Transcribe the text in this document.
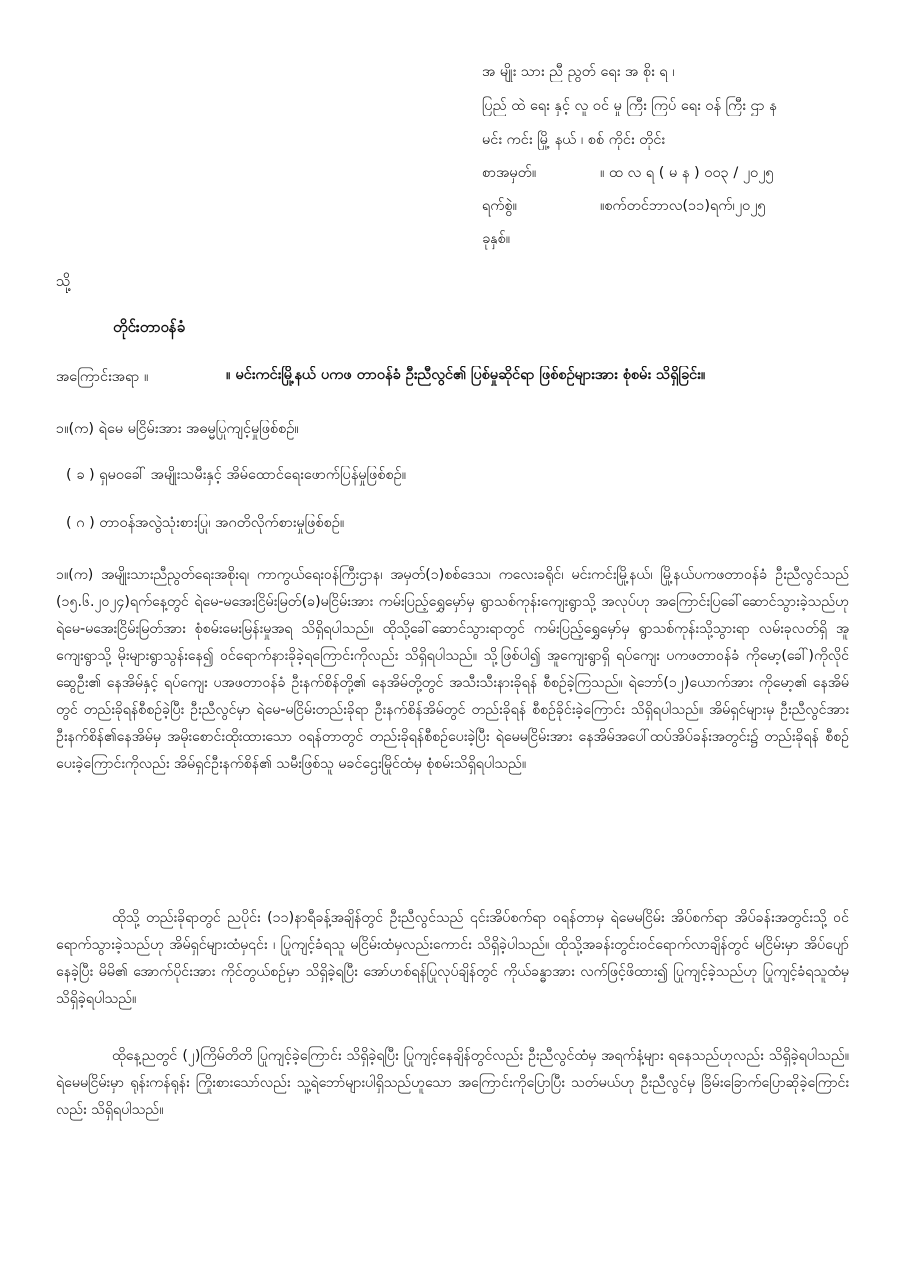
အ မျိုး သား ညီ ညွတ် ရေး အ စိုး ရ ၊
ပြည် ထဲ ရေး နှင့် လူ ဝင် မှု ကြီး ကြပ် ရေး ဝန် ကြီး ဌာ န
မင်း ကင်း မြို့ နယ် ၊ စစ် ကိုင်း တိုင်း
စာအမှတ်။	။ ထ လ ရ ( မ န ) ၀၀၃ / ၂၀၂၅
ရက်စွဲ။	။စက်တင်ဘာလ(၁၁)ရက်၊၂၀၂၅
ခုနှစ်။
သို့
တိုင်းတာဝန်ခံ
အကြောင်းအရာ ။	။ မင်းကင်းမြို့နယ် ပကဖ တာဝန်ခံ ဦးညီလွင်၏ ပြစ်မှုဆိုင်ရာ ဖြစ်စဉ်များအား စုံစမ်း သိရှိခြင်း။
၁။(က) ရဲမေ မငြိမ်းအား အဓမ္မပြုကျင့်မှုဖြစ်စဉ်။
( ခ ) ရှမဝခေါ် အမျိုးသမီးနှင့် အိမ်ထောင်ရေးဖောက်ပြန်မှုဖြစ်စဉ်။
( ဂ ) တာဝန်အလွဲသုံးစားပြု၊ အဂတိလိုက်စားမှုဖြစ်စဉ်။
၁။(က) အမျိုးသားညီညွတ်ရေးအစိုးရ၊ ကာကွယ်ရေးဝန်ကြီးဌာန၊ အမှတ်(၁)စစ်ဒေသ၊ ကလေးခရိုင်၊ မင်းကင်းမြို့နယ်၊ မြို့နယ်ပကဖတာဝန်ခံ ဦးညီလွင်သည် (၁၅.၆.၂၀၂၄)ရက်နေ့တွင် ရဲမေ-မအေးငြိမ်းမြတ်(ခ)မငြိမ်းအား ကမ်းပြည့်ရွှေမှော်မှ ရွာသစ်ကုန်းကျေးရွာသို့ အလုပ်ဟု အကြောင်းပြခေါ်ဆောင်သွားခဲ့သည်ဟု ရဲမေ-မအေးငြိမ်းမြတ်အား စုံစမ်းမေးမြန်းမှုအရ သိရှိရပါသည်။ ထိုသို့ခေါ်ဆောင်သွားရာတွင် ကမ်းပြည့်ရွှေမှော်မှ ရွာသစ်ကုန်းသို့သွားရာ လမ်းခုလတ်ရှိ အူကျေးရွာသို့ မိုးများရွာသွန်းနေ၍ ဝင်ရောက်နားခိုခဲ့ရကြောင်းကိုလည်း သိရှိရပါသည်။ သို့ဖြစ်ပါ၍ အူကျေးရွာရှိ ရပ်ကျေး ပကဖတာဝန်ခံ ကိုမော့(ခေါ်)ကိုလိုင်ဆွေဦး၏ နေအိမ်နှင့် ရပ်ကျေး ပအဖတာဝန်ခံ ဦးနက်စိန်တို့၏ နေအိမ်တို့တွင် အသီးသီးနားခိုရန် စီစဉ်ခဲ့ကြသည်။ ရဲဘော်(၁၂)ယောက်အား ကိုမော့၏ နေအိမ်တွင် တည်းခိုရန်စီစဉ်ခဲ့ပြီး ဦးညီလွင်မှာ ရဲမေ-မငြိမ်းတည်းခိုရာ ဦးနက်စိန်အိမ်တွင် တည်းခိုရန် စီစဉ်ခိုင်းခဲ့ကြောင်း သိရှိရပါသည်။ အိမ်ရှင်များမှ ဦးညီလွင်အား ဦးနက်စိန်၏နေအိမ်မှ အမိုးစောင်းထိုးထားသော ဝရန်တာတွင် တည်းခိုရန်စီစဉ်ပေးခဲ့ပြီး ရဲမေမငြိမ်းအား နေအိမ်အပေါ်ထပ်အိပ်ခန်းအတွင်း၌ တည်းခိုရန် စီစဉ်ပေးခဲ့ကြောင်းကိုလည်း အိမ်ရှင်ဦးနက်စိန်၏ သမီးဖြစ်သူ မခင်ဌေးမြိုင်ထံမှ စုံစမ်းသိရှိရပါသည်။
ထိုသို့ တည်းခိုရာတွင် ညပိုင်း (၁၁)နာရီခန့်အချိန်တွင် ဦးညီလွင်သည် ၎င်းအိပ်စက်ရာ ဝရန်တာမှ ရဲမေမငြိမ်း အိပ်စက်ရာ အိပ်ခန်းအတွင်းသို့ ဝင်ရောက်သွားခဲ့သည်ဟု အိမ်ရှင်များထံမှ၎င်း ၊ ပြုကျင့်ခံရသူ မငြိမ်းထံမှလည်းကောင်း သိရှိခဲ့ပါသည်။ ထိုသို့အခန်းတွင်းဝင်ရောက်လာချိန်တွင် မငြိမ်းမှာ အိပ်ပျော်နေခဲ့ပြီး မိမိ၏ အောက်ပိုင်းအား ကိုင်တွယ်စဉ်မှာ သိရှိခဲ့ရပြီး အော်ဟစ်ရန်ပြုလုပ်ချိန်တွင် ကိုယ်ခန္ဓာအား လက်ဖြင့်ဖိထား၍ ပြုကျင့်ခဲ့သည်ဟု ပြုကျင့်ခံရသူထံမှ သိရှိခဲ့ရပါသည်။
ထိုနေ့ညတွင် (၂)ကြိမ်တိတိ ပြုကျင့်ခဲ့ကြောင်း သိရှိခဲ့ရပြီး ပြုကျင့်နေချိန်တွင်လည်း ဦးညီလွင်ထံမှ အရက်နံ့များ ရနေသည်ဟုလည်း သိရှိခဲ့ရပါသည်။ ရဲမေမငြိမ်းမှာ ရုန်းကန်ရုန်း ကြိုးစားသော်လည်း သူ့ရဲဘော်များပါရှိသည်ဟူသော အကြောင်းကိုပြောပြီး သတ်မယ်ဟု ဦးညီလွင်မှ ခြိမ်းခြောက်ပြောဆိုခဲ့ကြောင်းလည်း သိရှိရပါသည်။
